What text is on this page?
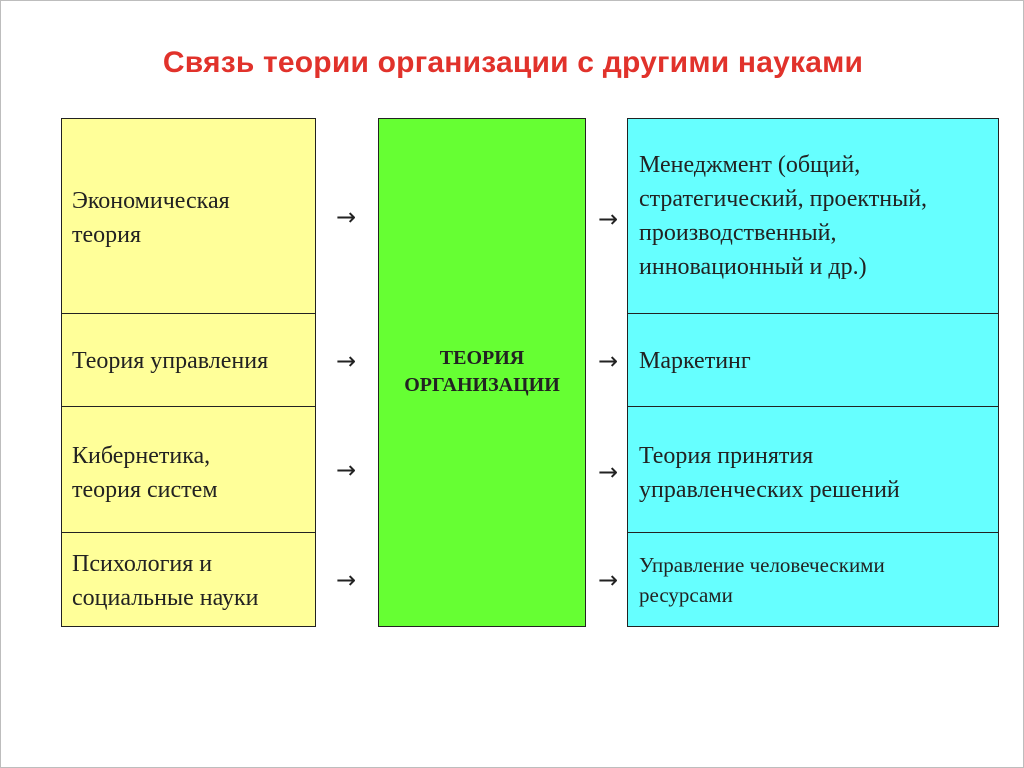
Связь теории организации с другими науками
Экономическая
теория
Теория управления
Кибернетика,
теория систем
Психология и
социальные науки
→
→
→
→
ТЕОРИЯ
ОРГАНИЗАЦИИ
→
→
→
→
Менеджмент (общий,
стратегический, проектный,
производственный,
инновационный и др.)
Маркетинг
Теория принятия
управленческих решений
Управление человеческими
ресурсами
